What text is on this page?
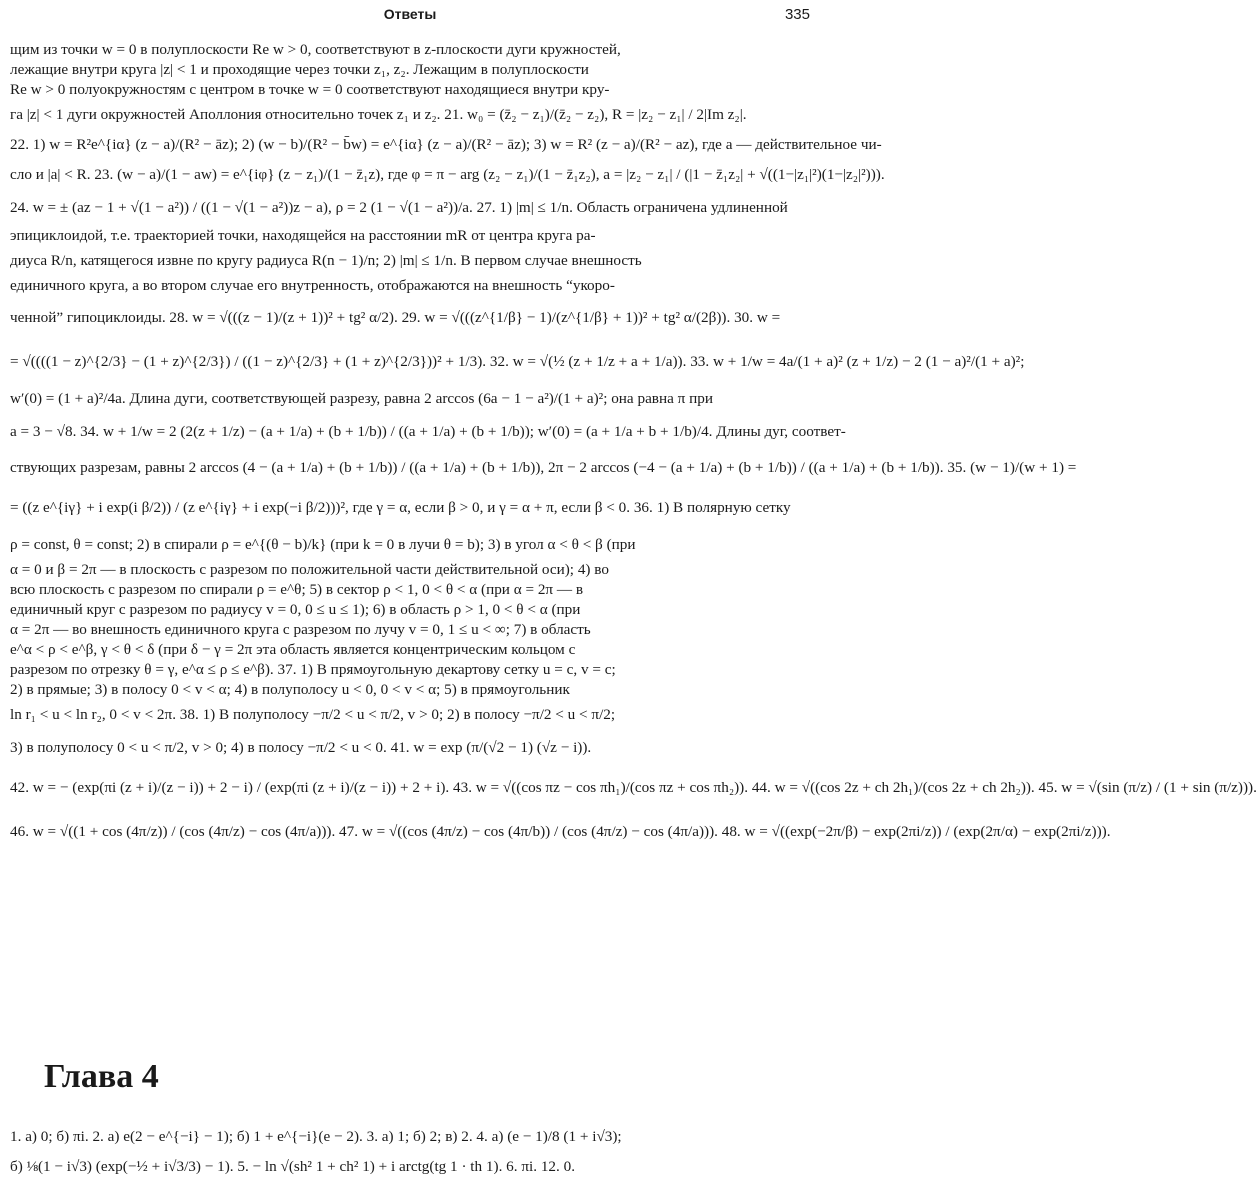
Ответы	335
щим из точки w = 0 в полуплоскости Re w > 0, соответствуют в z-плоскости дуги кружностей,
лежащие внутри круга |z| < 1 и проходящие через точки z₁, z₂. Лежащим в полуплоскости
Re w > 0 полуокружностям с центром в точке w = 0 соответствуют находящиеся внутри кру-
га |z| < 1 дуги окружностей Аполлония относительно точек z₁ и z₂. 21. w₀ = (z̄₂ − z₁)/(z̄₂ − z₂), R = |z₂ − z₁| / 2|Im z₂|.
22. 1) w = R²e^{iα} (z − a)/(R² − āz); 2) (w − b)/(R² − b̄w) = e^{iα} (z − a)/(R² − āz); 3) w = R² (z − a)/(R² − az), где a — действительное чи-
сло и |a| < R. 23. (w − a)/(1 − aw) = e^{iφ} (z − z₁)/(1 − z̄₁z), где φ = π − arg (z₂ − z₁)/(1 − z̄₁z₂), a = |z₂ − z₁| / (|1 − z̄₁z₂| + √((1−|z₁|²)(1−|z₂|²))).
24. w = ± (az − 1 + √(1 − a²)) / ((1 − √(1 − a²))z − a), ρ = 2 (1 − √(1 − a²))/a. 27. 1) |m| ≤ 1/n. Область ограничена удлиненной
эпициклоидой, т.е. траекторией точки, находящейся на расстоянии mR от центра круга ра-
диуса R/n, катящегося извне по кругу радиуса R(n − 1)/n; 2) |m| ≤ 1/n. В первом случае внешность
единичного круга, а во втором случае его внутренность, отображаются на внешность “укоро-
ченной” гипоциклоиды. 28. w = √(((z − 1)/(z + 1))² + tg² α/2). 29. w = √(((z^{1/β} − 1)/(z^{1/β} + 1))² + tg² α/(2β)). 30. w =
= √((((1 − z)^{2/3} − (1 + z)^{2/3}) / ((1 − z)^{2/3} + (1 + z)^{2/3}))² + 1/3). 32. w = √(½ (z + 1/z + a + 1/a)). 33. w + 1/w = 4a/(1 + a)² (z + 1/z) − 2 (1 − a)²/(1 + a)²;
w′(0) = (1 + a)²/4a. Длина дуги, соответствующей разрезу, равна 2 arccos (6a − 1 − a²)/(1 + a)²; она равна π при
a = 3 − √8. 34. w + 1/w = 2 (2(z + 1/z) − (a + 1/a) + (b + 1/b)) / ((a + 1/a) + (b + 1/b)); w′(0) = (a + 1/a + b + 1/b)/4. Длины дуг, соответ-
ствующих разрезам, равны 2 arccos (4 − (a + 1/a) + (b + 1/b)) / ((a + 1/a) + (b + 1/b)), 2π − 2 arccos (−4 − (a + 1/a) + (b + 1/b)) / ((a + 1/a) + (b + 1/b)). 35. (w − 1)/(w + 1) =
= ((z e^{iγ} + i exp(i β/2)) / (z e^{iγ} + i exp(−i β/2)))², где γ = α, если β > 0, и γ = α + π, если β < 0. 36. 1) В полярную сетку
ρ = const, θ = const; 2) в спирали ρ = e^{(θ − b)/k} (при k = 0 в лучи θ = b); 3) в угол α < θ < β (при
α = 0 и β = 2π — в плоскость с разрезом по положительной части действительной оси); 4) во
всю плоскость с разрезом по спирали ρ = e^θ; 5) в сектор ρ < 1, 0 < θ < α (при α = 2π — в
единичный круг с разрезом по радиусу v = 0, 0 ≤ u ≤ 1); 6) в область ρ > 1, 0 < θ < α (при
α = 2π — во внешность единичного круга с разрезом по лучу v = 0, 1 ≤ u < ∞; 7) в область
e^α < ρ < e^β, γ < θ < δ (при δ − γ = 2π эта область является концентрическим кольцом с
разрезом по отрезку θ = γ, e^α ≤ ρ ≤ e^β). 37. 1) В прямоугольную декартову сетку u = c, v = c;
2) в прямые; 3) в полосу 0 < v < α; 4) в полуполосу u < 0, 0 < v < α; 5) в прямоугольник
ln r₁ < u < ln r₂, 0 < v < 2π. 38. 1) В полуполосу −π/2 < u < π/2, v > 0; 2) в полосу −π/2 < u < π/2;
3) в полуполосу 0 < u < π/2, v > 0; 4) в полосу −π/2 < u < 0. 41. w = exp (π/(√2 − 1) (√z − i)).
42. w = − (exp(πi (z + i)/(z − i)) + 2 − i) / (exp(πi (z + i)/(z − i)) + 2 + i). 43. w = √((cos πz − cos πh₁)/(cos πz + cos πh₂)). 44. w = √((cos 2z + ch 2h₁)/(cos 2z + ch 2h₂)). 45. w = √(sin (π/z) / (1 + sin (π/z))).
46. w = √((1 + cos (4π/z)) / (cos (4π/z) − cos (4π/a))). 47. w = √((cos (4π/z) − cos (4π/b)) / (cos (4π/z) − cos (4π/a))). 48. w = √((exp(−2π/β) − exp(2πi/z)) / (exp(2π/α) − exp(2πi/z))).
Глава 4
1. а) 0; б) πi. 2. а) e(2 − e^{−i} − 1); б) 1 + e^{−i}(e − 2). 3. а) 1; б) 2; в) 2. 4. а) (e − 1)/8 (1 + i√3);
б) ⅛(1 − i√3) (exp(−½ + i√3/3) − 1). 5. − ln √(sh² 1 + ch² 1) + i arctg(tg 1 · th 1). 6. πi. 12. 0.
